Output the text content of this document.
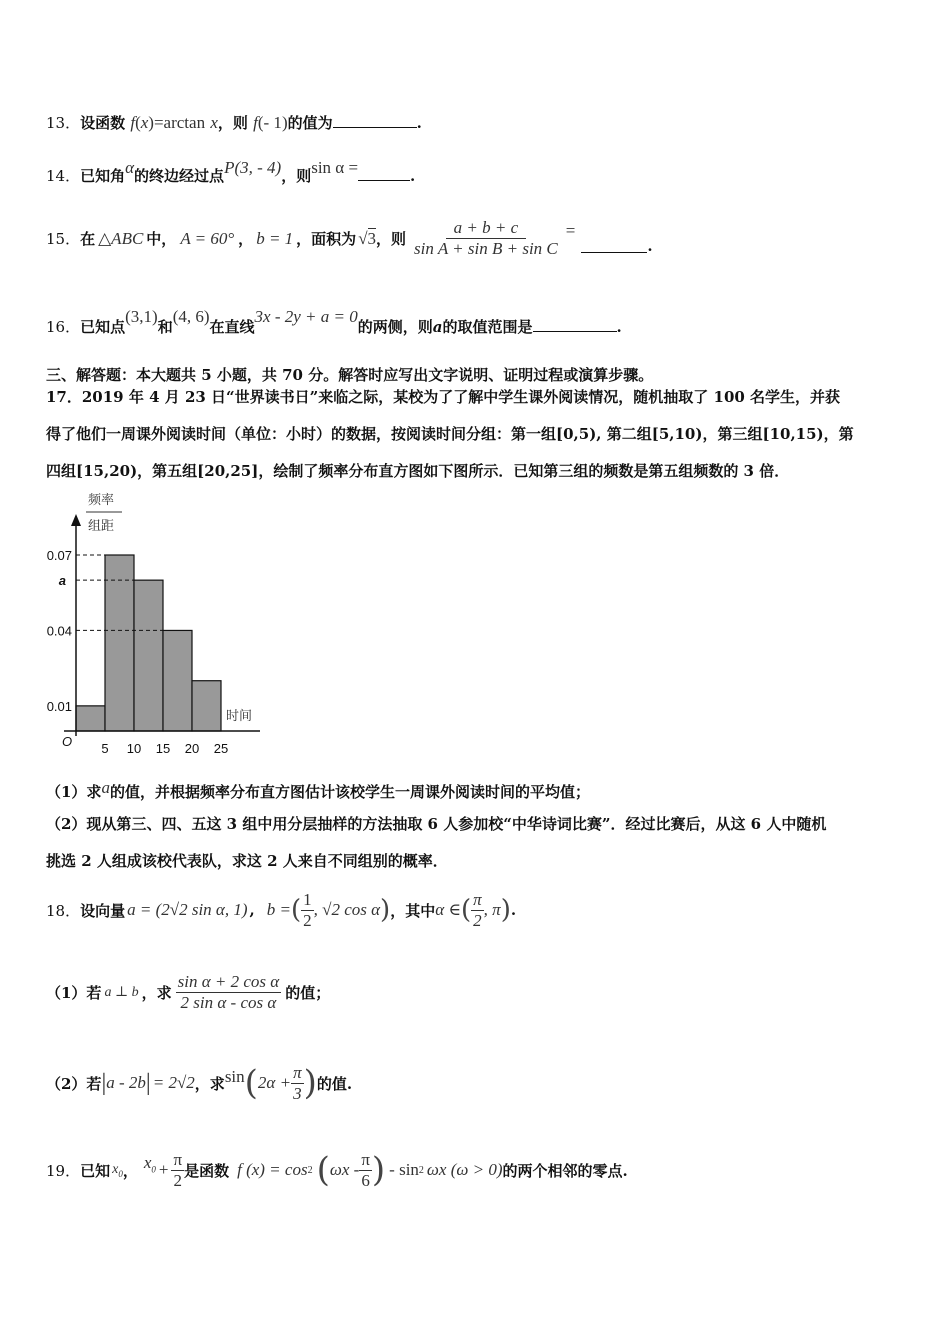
13．设函数 f(x)=arctan x，则 f(- 1)的值为	.
14．已知角α的终边经过点P(3, - 4)，则sin α =	.
15． 在 △ABC 中， A = 60° ， b = 1 ，面积为 √ 3 ，则 $\frac{a + b + c}{\text{sin A + sin B + sin C}}$ =
.
16．已知点(3,1)和(4, 6)在直线3x - 2y + a = 0的两侧，则a的取值范围是	.
三、解答题：本大题共 5 小题，共 70 分。解答时应写出文字说明、证明过程或演算步骤。
17．2019 年 4 月 23 日“世界读书日”来临之际，某校为了了解中学生课外阅读情况，随机抽取了 100 名学生，并获
得了他们一周课外阅读时间（单位：小时）的数据，按阅读时间分组：第一组[0,5), 第二组[5,10)，第三组[10,15)，第
四组[15,20)，第五组[20,25]，绘制了频率分布直方图如下图所示．已知第三组的频数是第五组频数的 3 倍．
频率
组距
O
时间
5 10 15 20 25
0.01
0.04
a
0.07
（1）求a的值，并根据频率分布直方图估计该校学生一周课外阅读时间的平均值；
（2）现从第三、四、五这 3 组中用分层抽样的方法抽取 6 人参加校“中华诗词比赛”．经过比赛后，从这 6 人中随机
挑选 2 人组成该校代表队，求这 2 人来自不同组别的概率．
18． 设向量 a = (2√2 sin α, 1) , b = ( $\frac{1}{2}$ , √2 cos α ) ，其中 α ∈ ( $\frac{\pi}{2}$ , π ) .
（1）若 a ⊥ b ，求 $\frac{\text{sin α + 2 cos α}}{\text{2 sin α - cos α}}$ 的值；
（2）若 | a - 2b | = 2√2 ，求 sin ( $2\alpha + \frac{\pi}{3}$ ) 的值.
19． 已知 $x_0$ ， $x_0 + \frac{\pi}{2}$ 是函数 f (x) = cos 2 ( ωx - $\frac{\pi}{6}$ ) - sin 2 ωx (ω > 0) 的两个相邻的零点.
